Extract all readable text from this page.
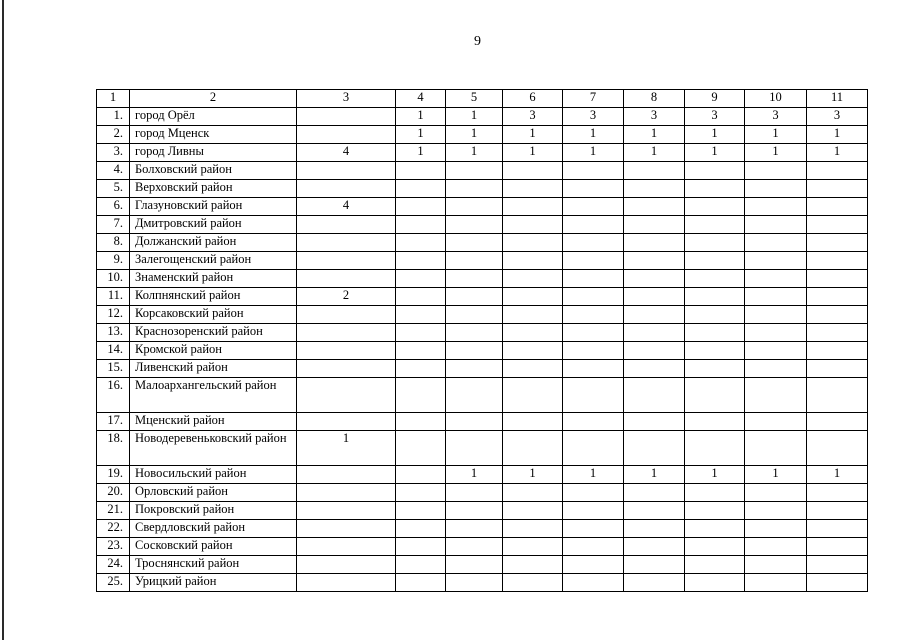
9
1	2	3	4	5	6	7	8	9	10	11
1.	город Орёл		1	1	3	3	3	3	3	3
2.	город Мценск		1	1	1	1	1	1	1	1
3.	город Ливны	4	1	1	1	1	1	1	1	1
4.	Болховский район									
5.	Верховский район									
6.	Глазуновский район	4								
7.	Дмитровский район									
8.	Должанский район									
9.	Залегощенский район									
10.	Знаменский район									
11.	Колпнянский район	2								
12.	Корсаковский район									
13.	Краснозоренский район									
14.	Кромской район									
15.	Ливенский район									
16.	Малоархангельский район									
17.	Мценский район									
18.	Новодеревеньковский район	1								
19.	Новосильский район			1	1	1	1	1	1	1
20.	Орловский район									
21.	Покровский район									
22.	Свердловский район									
23.	Сосковский район									
24.	Троснянский район									
25.	Урицкий район									
